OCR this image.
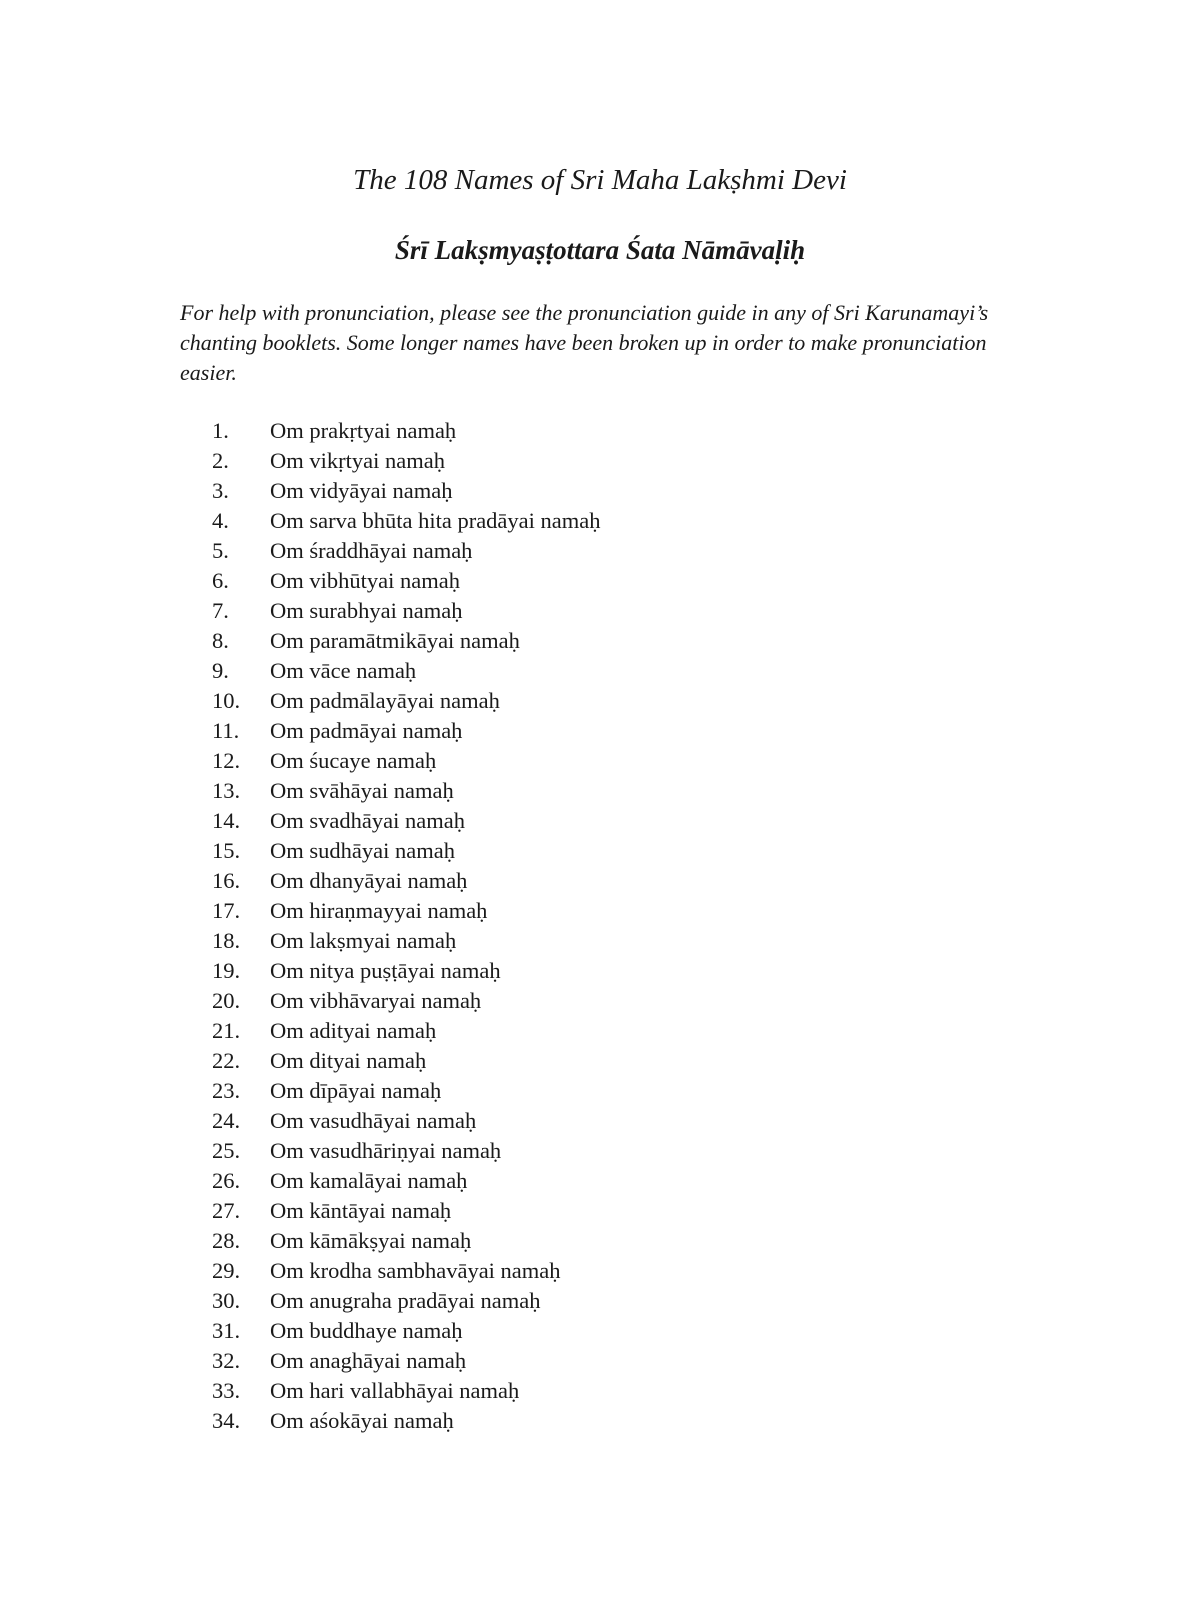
The 108 Names of Sri Maha Lakṣhmi Devi
Śrī Lakṣmyaṣṭottara Śata Nāmāvaḷiḥ

For help with pronunciation, please see the pronunciation guide in any of Sri Karunamayi’s chanting booklets. Some longer names have been broken up in order to make pronunciation easier.

1.	Om prakṛtyai namaḥ
2.	Om vikṛtyai namaḥ
3.	Om vidyāyai namaḥ
4.	Om sarva bhūta hita pradāyai namaḥ
5.	Om śraddhāyai namaḥ
6.	Om vibhūtyai namaḥ
7.	Om surabhyai namaḥ
8.	Om paramātmikāyai namaḥ
9.	Om vāce namaḥ
10.	Om padmālayāyai namaḥ
11.	Om padmāyai namaḥ
12.	Om śucaye namaḥ
13.	Om svāhāyai namaḥ
14.	Om svadhāyai namaḥ
15.	Om sudhāyai namaḥ
16.	Om dhanyāyai namaḥ
17.	Om hiraṇmayyai namaḥ
18.	Om lakṣmyai namaḥ
19.	Om nitya puṣṭāyai namaḥ
20.	Om vibhāvaryai namaḥ
21.	Om adityai namaḥ
22.	Om dityai namaḥ
23.	Om dīpāyai namaḥ
24.	Om vasudhāyai namaḥ
25.	Om vasudhāriṇyai namaḥ
26.	Om kamalāyai namaḥ
27.	Om kāntāyai namaḥ
28.	Om kāmākṣyai namaḥ
29.	Om krodha sambhavāyai namaḥ
30.	Om anugraha pradāyai namaḥ
31.	Om buddhaye namaḥ
32.	Om anaghāyai namaḥ
33.	Om hari vallabhāyai namaḥ
34.	Om aśokāyai namaḥ
